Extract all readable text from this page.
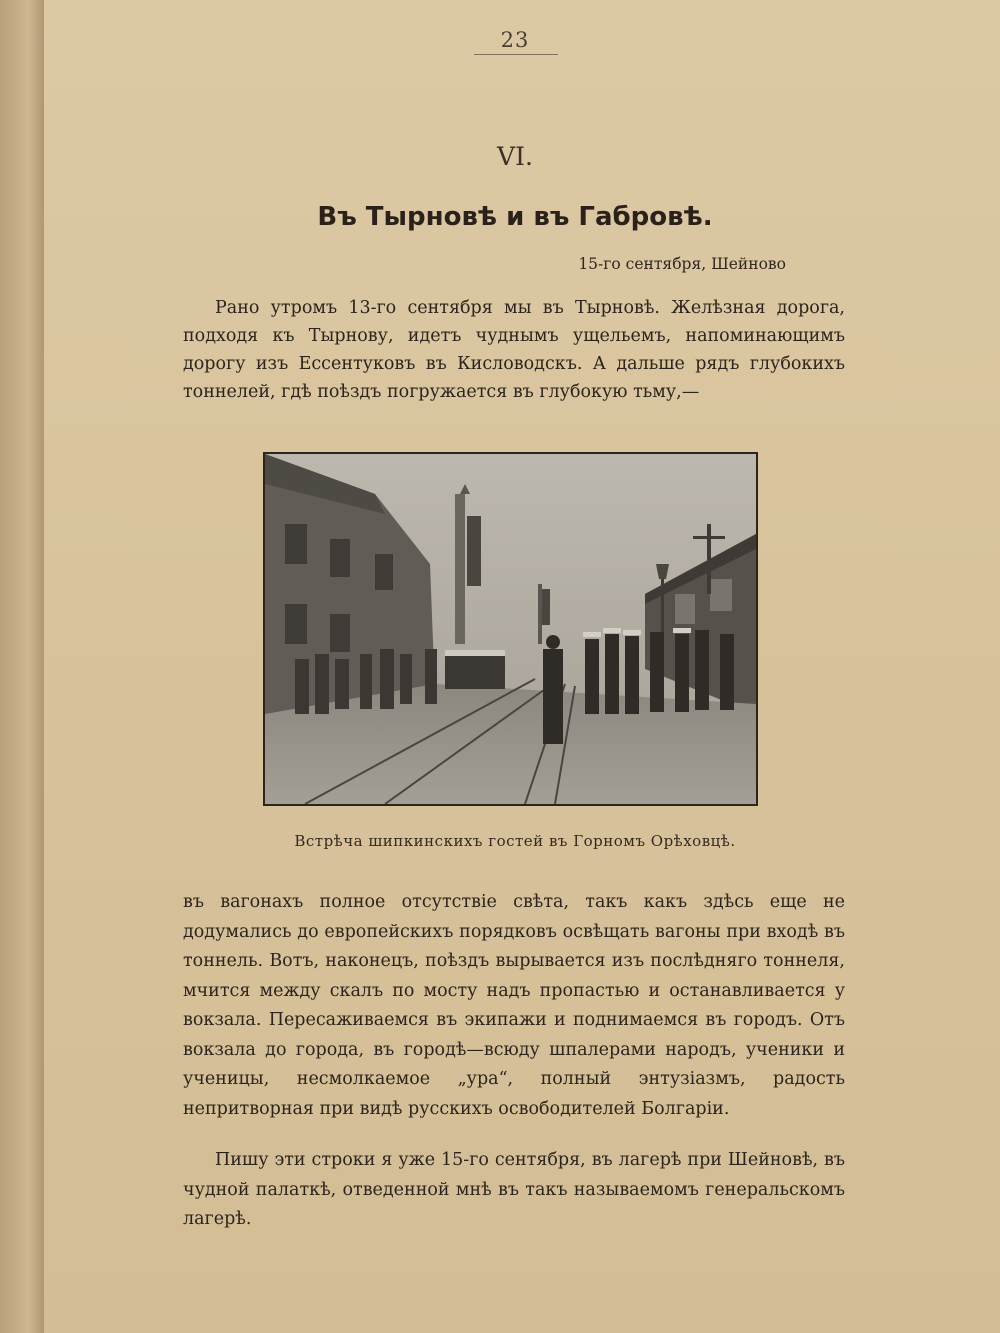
23
VI.
Въ Тырновѣ и въ Габровѣ.
15-го сентября, Шейново

Рано утромъ 13-го сентября мы въ Тырновѣ. Желѣзная дорога, подходя къ Тырнову, идетъ чуднымъ ущельемъ, напоминающимъ дорогу изъ Ессентуковъ въ Кисловодскъ. А дальше рядъ глубокихъ тоннелей, гдѣ поѣздъ погружается въ глубокую тьму,—

Встрѣча шипкинскихъ гостей въ Горномъ Орѣховцѣ.

въ вагонахъ полное отсутствіе свѣта, такъ какъ здѣсь еще не додумались до европейскихъ порядковъ освѣщать вагоны при входѣ въ тоннель. Вотъ, наконецъ, поѣздъ вырывается изъ послѣдняго тоннеля, мчится между скалъ по мосту надъ пропастью и останавливается у вокзала. Пересаживаемся въ экипажи и поднимаемся въ городъ. Отъ вокзала до города, въ городѣ—всюду шпалерами народъ, ученики и ученицы, несмолкаемое „ура“, полный энтузіазмъ, радость непритворная при видѣ русскихъ освободителей Болгаріи.

Пишу эти строки я уже 15-го сентября, въ лагерѣ при Шейновѣ, въ чудной палаткѣ, отведенной мнѣ въ такъ называемомъ генеральскомъ лагерѣ.
